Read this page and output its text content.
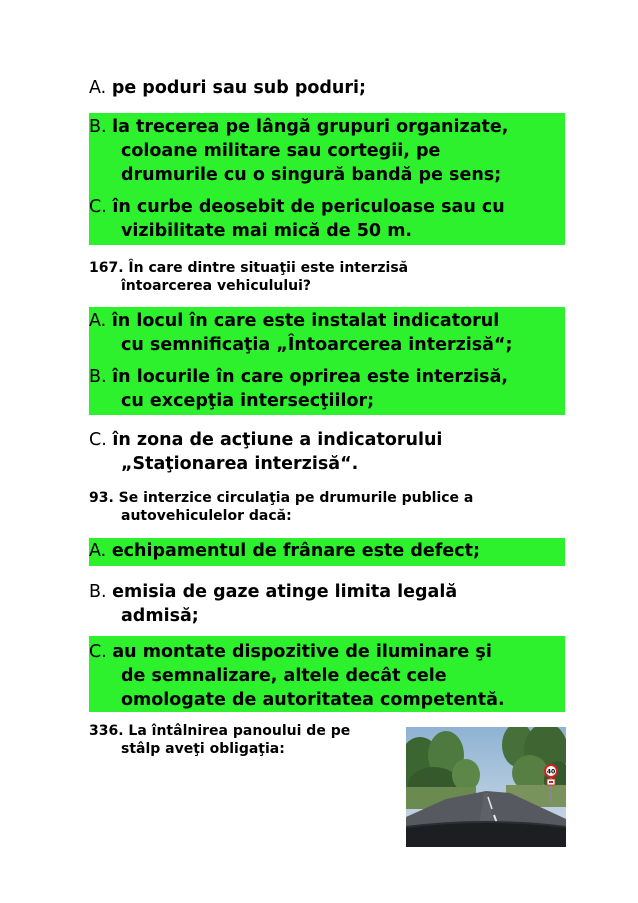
A. pe poduri sau sub poduri;
B. la trecerea pe lângă grupuri organizate,
coloane militare sau cortegii, pe
drumurile cu o singură bandă pe sens;
C. în curbe deosebit de periculoase sau cu
vizibilitate mai mică de 50 m.
167. În care dintre situaţii este interzisă
întoarcerea vehiculului?
A. în locul în care este instalat indicatorul
cu semnificaţia „Întoarcerea interzisă“;
B. în locurile în care oprirea este interzisă,
cu excepţia intersecţiilor;
C. în zona de acţiune a indicatorului
„Staţionarea interzisă“.
93. Se interzice circulaţia pe drumurile publice a
autovehiculelor dacă:
A. echipamentul de frânare este defect;
B. emisia de gaze atinge limita legală
admisă;
C. au montate dispozitive de iluminare şi
de semnalizare, altele decât cele
omologate de autoritatea competentă.
336. La întâlnirea panoului de pe
stâlp aveţi obligaţia:
40
